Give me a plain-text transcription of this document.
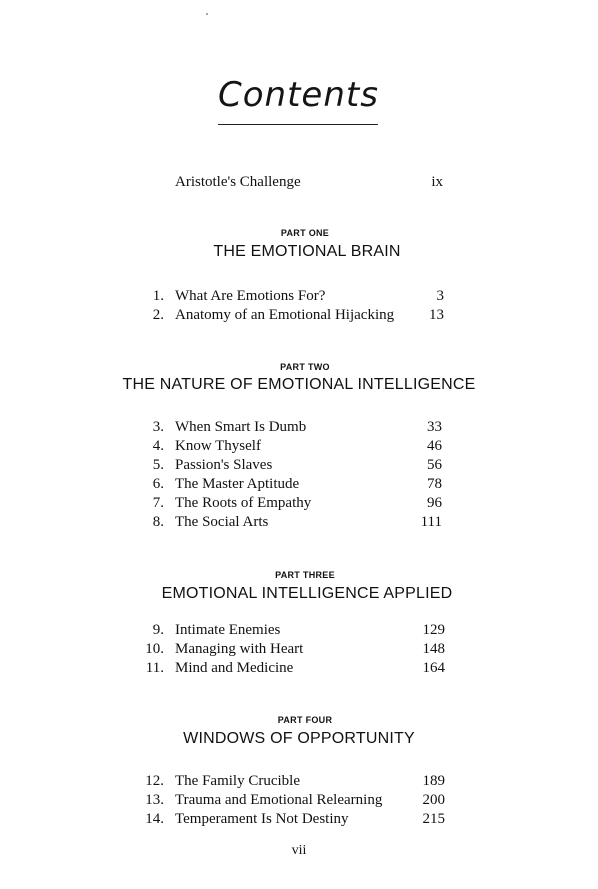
Contents
Aristotle's Challenge	ix
PART ONE
THE EMOTIONAL BRAIN
1. What Are Emotions For?	3
2. Anatomy of an Emotional Hijacking	13
PART TWO
THE NATURE OF EMOTIONAL INTELLIGENCE
3. When Smart Is Dumb	33
4. Know Thyself	46
5. Passion's Slaves	56
6. The Master Aptitude	78
7. The Roots of Empathy	96
8. The Social Arts	111
PART THREE
EMOTIONAL INTELLIGENCE APPLIED
9. Intimate Enemies	129
10. Managing with Heart	148
11. Mind and Medicine	164
PART FOUR
WINDOWS OF OPPORTUNITY
12. The Family Crucible	189
13. Trauma and Emotional Relearning	200
14. Temperament Is Not Destiny	215
vii
